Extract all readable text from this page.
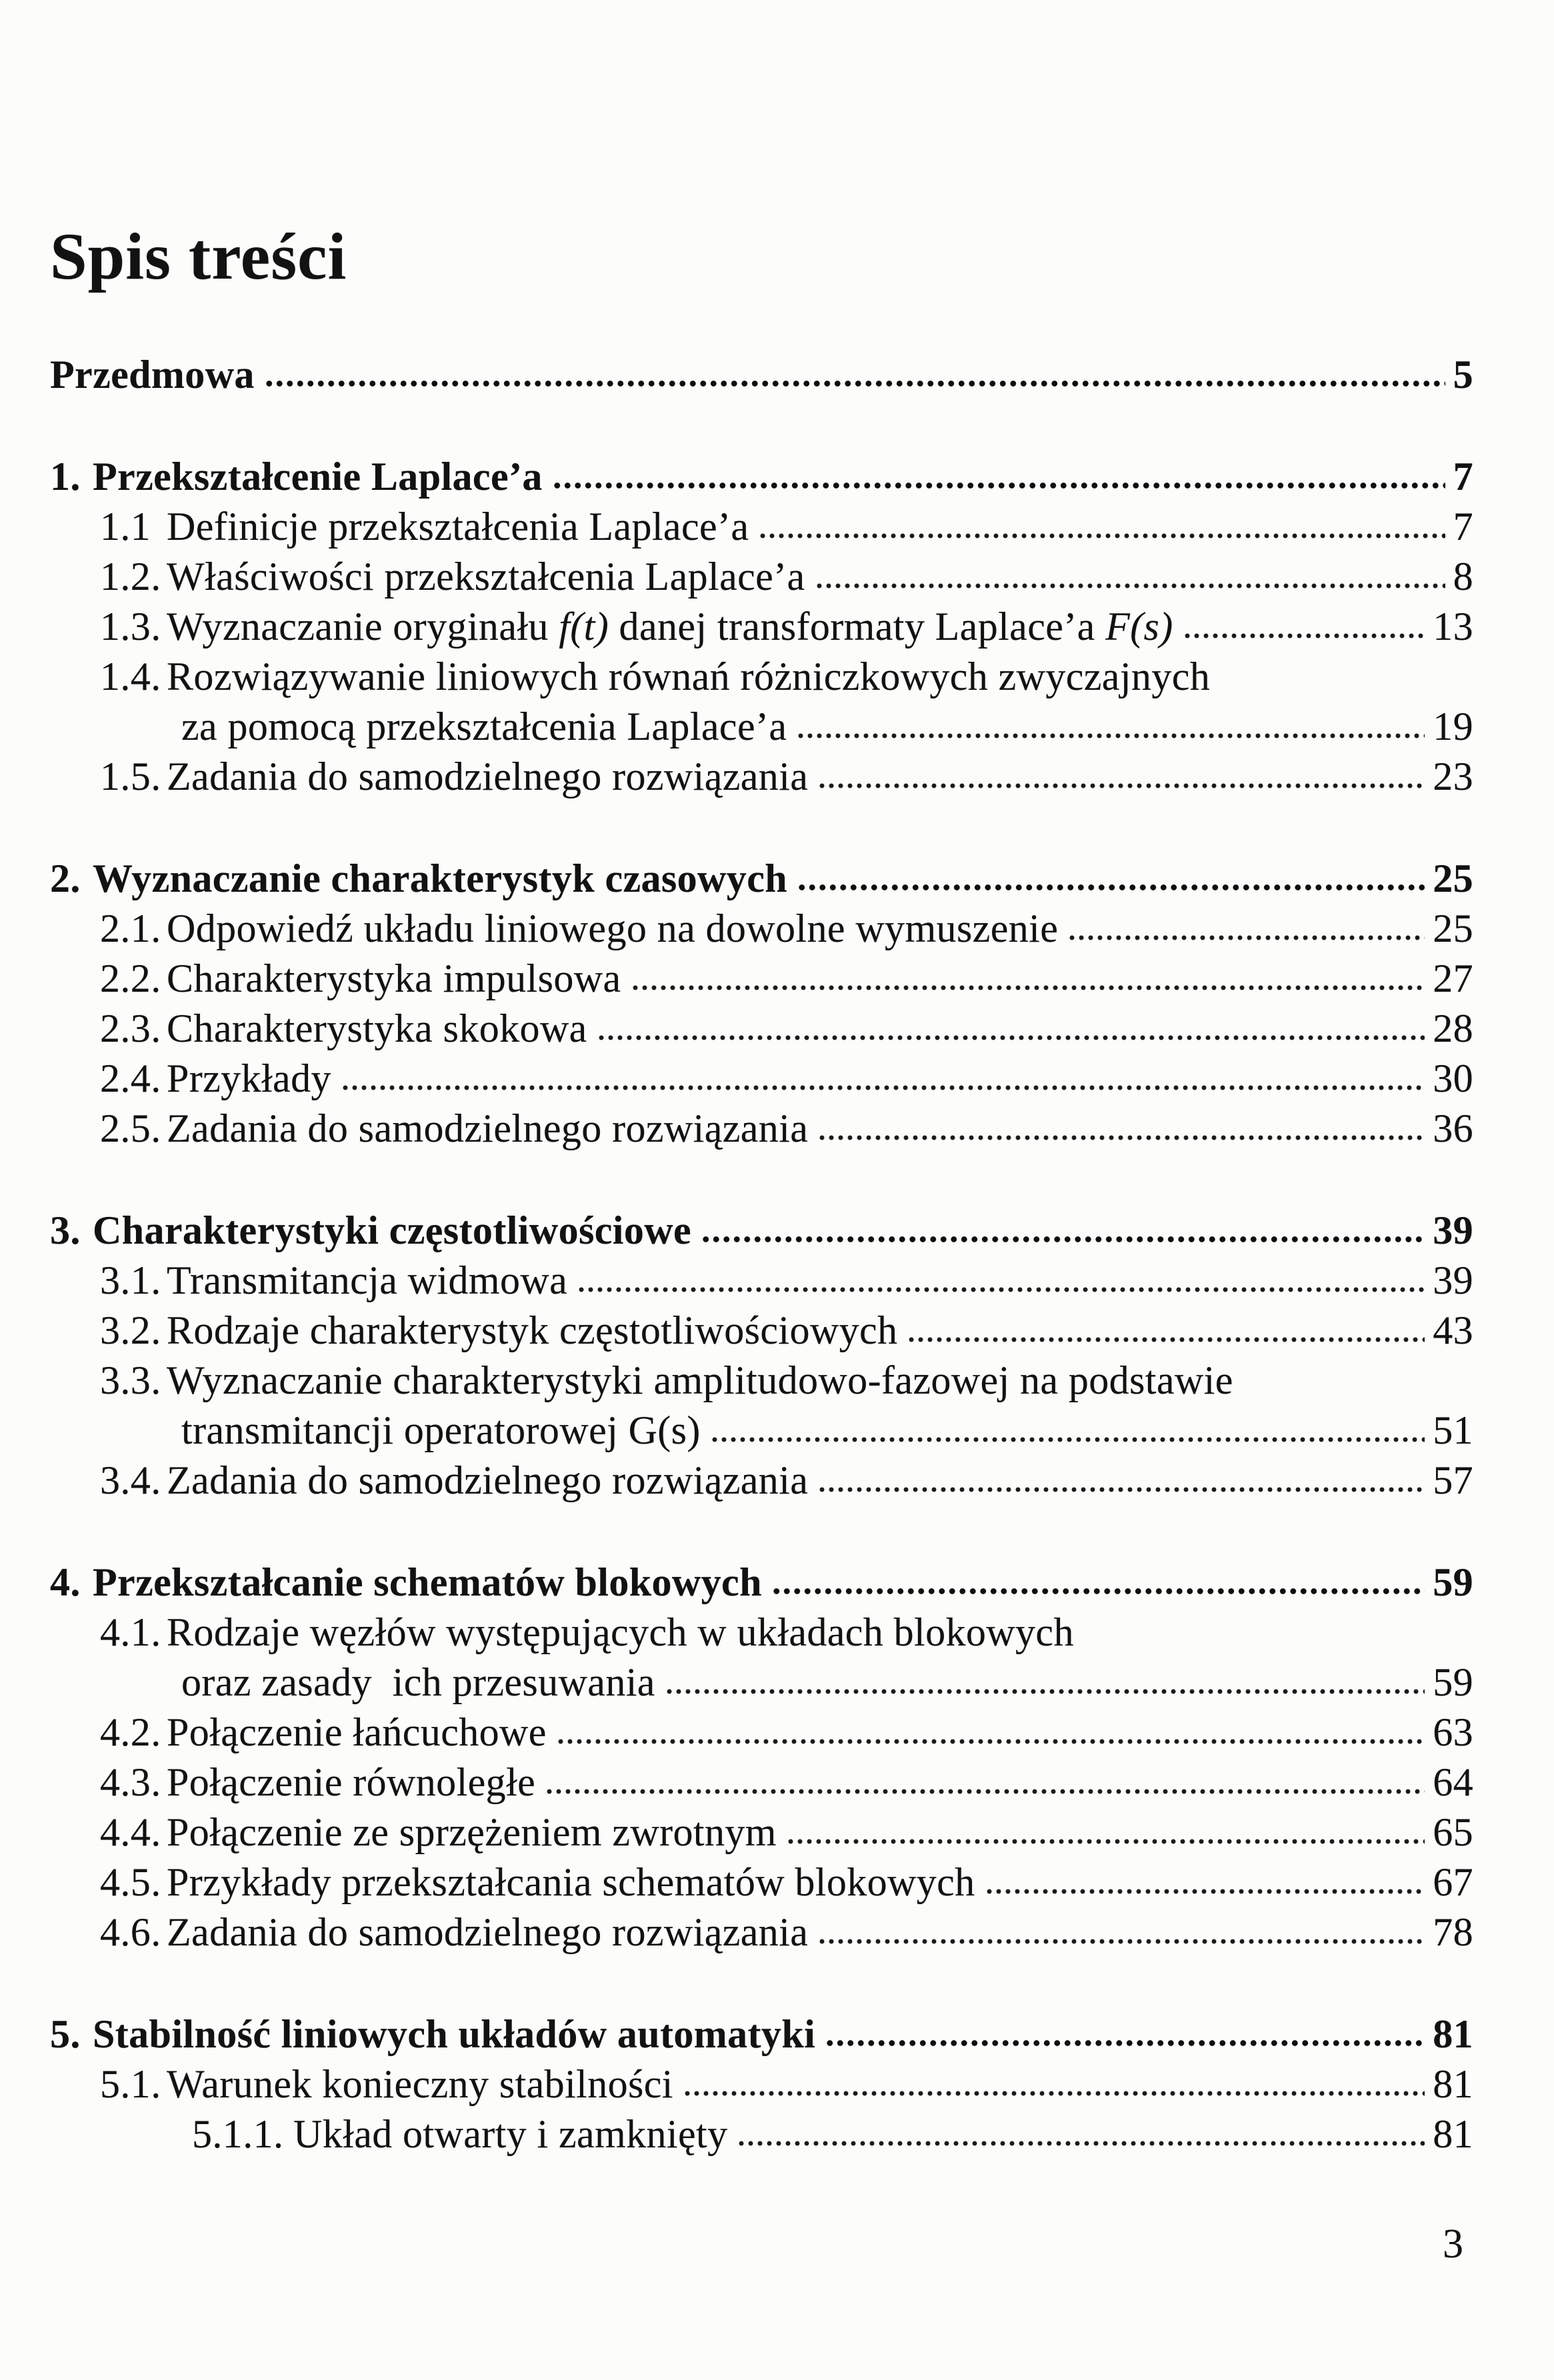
Spis treści
Przedmowa	5
1. Przekształcenie Laplace’a	7
1.1 Definicje przekształcenia Laplace’a	7
1.2. Właściwości przekształcenia Laplace’a	8
1.3. Wyznaczanie oryginału f(t) danej transformaty Laplace’a F(s)	13
1.4. Rozwiązywanie liniowych równań różniczkowych zwyczajnych
za pomocą przekształcenia Laplace’a	19
1.5. Zadania do samodzielnego rozwiązania	23
2. Wyznaczanie charakterystyk czasowych	25
2.1. Odpowiedź układu liniowego na dowolne wymuszenie	25
2.2. Charakterystyka impulsowa	27
2.3. Charakterystyka skokowa	28
2.4. Przykłady	30
2.5. Zadania do samodzielnego rozwiązania	36
3. Charakterystyki częstotliwościowe	39
3.1. Transmitancja widmowa	39
3.2. Rodzaje charakterystyk częstotliwościowych	43
3.3. Wyznaczanie charakterystyki amplitudowo-fazowej na podstawie
transmitancji operatorowej G(s)	51
3.4. Zadania do samodzielnego rozwiązania	57
4. Przekształcanie schematów blokowych	59
4.1. Rodzaje węzłów występujących w układach blokowych
oraz zasady  ich przesuwania	59
4.2. Połączenie łańcuchowe	63
4.3. Połączenie równoległe	64
4.4. Połączenie ze sprzężeniem zwrotnym	65
4.5. Przykłady przekształcania schematów blokowych	67
4.6. Zadania do samodzielnego rozwiązania	78
5. Stabilność liniowych układów automatyki	81
5.1. Warunek konieczny stabilności	81
5.1.1. Układ otwarty i zamknięty	81
3
